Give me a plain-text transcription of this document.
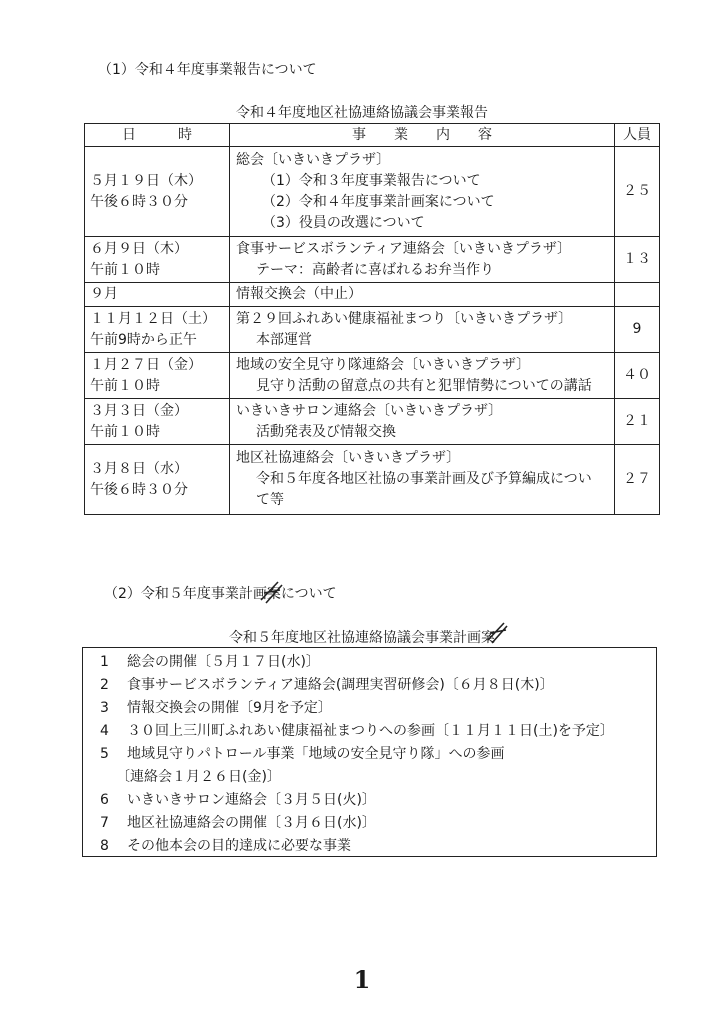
（1）令和４年度事業報告について
令和４年度地区社協連絡協議会事業報告
日　　　時	事　　業　　内　　容	人員

５月１９日（木）
午後６時３０分	総会〔いきいきプラザ〕
（1）令和３年度事業報告について
（2）令和４年度事業計画案について
（3）役員の改選について	２５

６月９日（木）
午前１０時	食事サービスボランティア連絡会〔いきいきプラザ〕
テーマ：高齢者に喜ばれるお弁当作り	１３

９月	情報交換会（中止）	

１１月１２日（土）
午前9時から正午	第２９回ふれあい健康福祉まつり〔いきいきプラザ〕
本部運営	9

１月２７日（金）
午前１０時	地域の安全見守り隊連絡会〔いきいきプラザ〕
見守り活動の留意点の共有と犯罪情勢についての講話	４０

３月３日（金）
午前１０時	いきいきサロン連絡会〔いきいきプラザ〕
活動発表及び情報交換	２１

３月８日（水）
午後６時３０分	地区社協連絡会〔いきいきプラザ〕
令和５年度各地区社協の事業計画及び予算編成につい
て等	２７
（2）令和５年度事業計画案について
令和５年度地区社協連絡協議会事業計画案
1	総会の開催〔５月１７日(水)〕
2	食事サービスボランティア連絡会(調理実習研修会)〔６月８日(木)〕
3	情報交換会の開催〔9月を予定〕
4	３０回上三川町ふれあい健康福祉まつりへの参画〔１１月１１日(土)を予定〕
5	地域見守りパトロール事業「地域の安全見守り隊」への参画
〔連絡会１月２６日(金)〕
6	いきいきサロン連絡会〔３月５日(火)〕
7	地区社協連絡会の開催〔３月６日(水)〕
8	その他本会の目的達成に必要な事業
1
